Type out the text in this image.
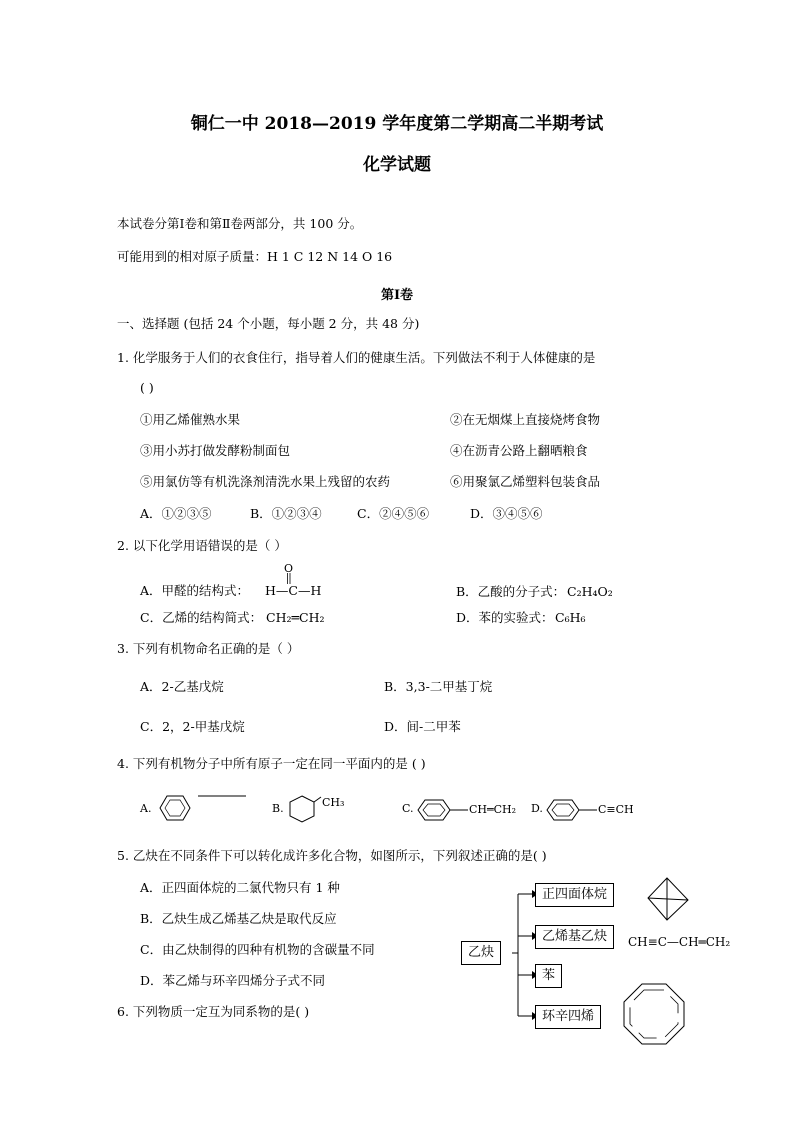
铜仁一中 2018—2019 学年度第二学期高二半期考试
化学试题
本试卷分第Ⅰ卷和第Ⅱ卷两部分，共 100 分。
可能用到的相对原子质量：H 1 C 12 N 14 O 16
第Ⅰ卷
一、选择题 (包括 24 个小题，每小题 2 分，共 48 分)
1. 化学服务于人们的衣食住行，指导着人们的健康生活。下列做法不利于人体健康的是
( )
①用乙烯催熟水果	②在无烟煤上直接烧烤食物
③用小苏打做发酵粉制面包	④在沥青公路上翻晒粮食
⑤用氯仿等有机洗涤剂清洗水果上残留的农药	⑥用聚氯乙烯塑料包装食品
A．①②③⑤	B．①②③④	C．②④⑤⑥	D．③④⑤⑥
2. 以下化学用语错误的是（ ）
A．甲醛的结构式：
O
H—C—H	B．乙酸的分子式： C₂H₄O₂
C．乙烯的结构简式： CH₂═CH₂	D．苯的实验式： C₆H₆
3. 下列有机物命名正确的是（ ）
A．2-乙基戊烷	B．3,3-二甲基丁烷
C．2，2-甲基戊烷	D．间-二甲苯
4. 下列有机物分子中所有原子一定在同一平面内的是 ( )
A.	B.	CH₃	C.	CH═CH₂ D.	C≡CH
5. 乙炔在不同条件下可以转化成许多化合物，如图所示，下列叙述正确的是( )
A．正四面体烷的二氯代物只有 1 种
B．乙炔生成乙烯基乙炔是取代反应
C．由乙炔制得的四种有机物的含碳量不同
D．苯乙烯与环辛四烯分子式不同
乙炔
正四面体烷
乙烯基乙炔
苯
环辛四烯
CH≡C—CH═CH₂
6. 下列物质一定互为同系物的是( )
